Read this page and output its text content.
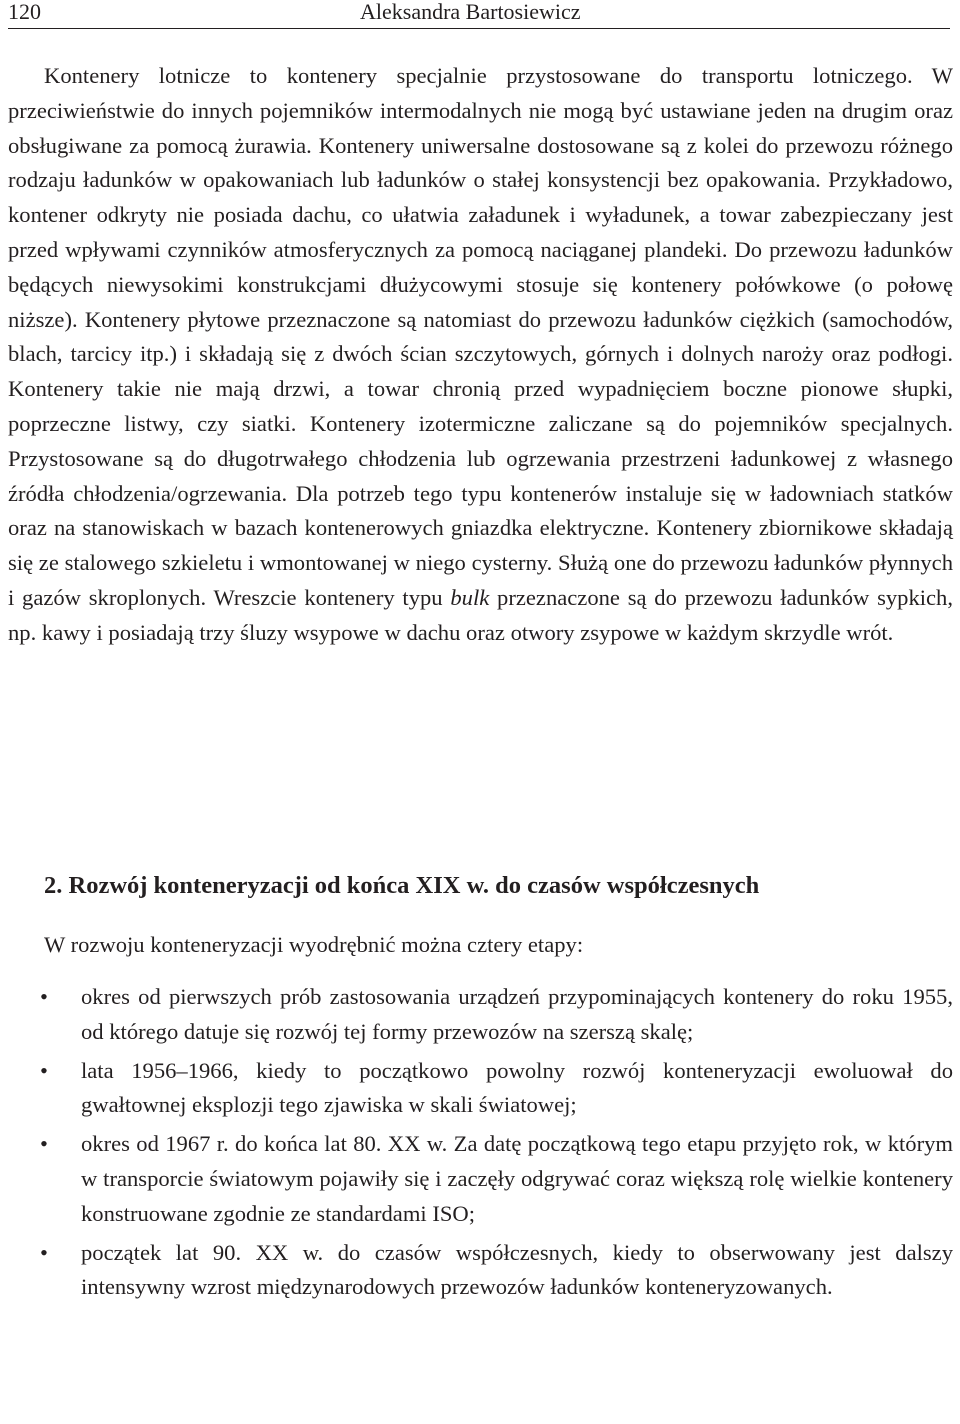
120	Aleksandra Bartosiewicz

Kontenery lotnicze to kontenery specjalnie przystosowane do transportu lotniczego. W przeciwieństwie do innych pojemników intermodalnych nie mogą być ustawiane jeden na drugim oraz obsługiwane za pomocą żurawia. Kontenery uniwersalne dostosowane są z kolei do przewozu różnego rodzaju ładunków w opakowaniach lub ładunków o stałej konsystencji bez opakowania. Przykładowo, kontener odkryty nie posiada dachu, co ułatwia załadunek i wyładunek, a towar zabezpieczany jest przed wpływami czynników atmosferycznych za pomocą naciąganej plandeki. Do przewozu ładunków będących niewysokimi konstrukcjami dłużycowymi stosuje się kontenery połówkowe (o połowę niższe). Kontenery płytowe przeznaczone są natomiast do przewozu ładunków ciężkich (samochodów, blach, tarcicy itp.) i składają się z dwóch ścian szczytowych, górnych i dolnych naroży oraz podłogi. Kontenery takie nie mają drzwi, a towar chronią przed wypadnięciem boczne pionowe słupki, poprzeczne listwy, czy siatki. Kontenery izotermiczne zaliczane są do pojemników specjalnych. Przystosowane są do długotrwałego chłodzenia lub ogrzewania przestrzeni ładunkowej z własnego źródła chłodzenia/ogrzewania. Dla potrzeb tego typu kontenerów instaluje się w ładowniach statków oraz na stanowiskach w bazach kontenerowych gniazdka elektryczne. Kontenery zbiornikowe składają się ze stalowego szkieletu i wmontowanej w niego cysterny. Służą one do przewozu ładunków płynnych i gazów skroplonych. Wreszcie kontenery typu bulk przeznaczone są do przewozu ładunków sypkich, np. kawy i posiadają trzy śluzy wsypowe w dachu oraz otwory zsypowe w każdym skrzydle wrót.

2. Rozwój konteneryzacji od końca XIX w. do czasów współczesnych

W rozwoju konteneryzacji wyodrębnić można cztery etapy:

• okres od pierwszych prób zastosowania urządzeń przypominających kontenery do roku 1955, od którego datuje się rozwój tej formy przewozów na szerszą skalę;
• lata 1956–1966, kiedy to początkowo powolny rozwój konteneryzacji ewoluował do gwałtownej eksplozji tego zjawiska w skali światowej;
• okres od 1967 r. do końca lat 80. XX w. Za datę początkową tego etapu przyjęto rok, w którym w transporcie światowym pojawiły się i zaczęły odgrywać coraz większą rolę wielkie kontenery konstruowane zgodnie ze standardami ISO;
• początek lat 90. XX w. do czasów współczesnych, kiedy to obserwowany jest dalszy intensywny wzrost międzynarodowych przewozów ładunków konteneryzowanych.
